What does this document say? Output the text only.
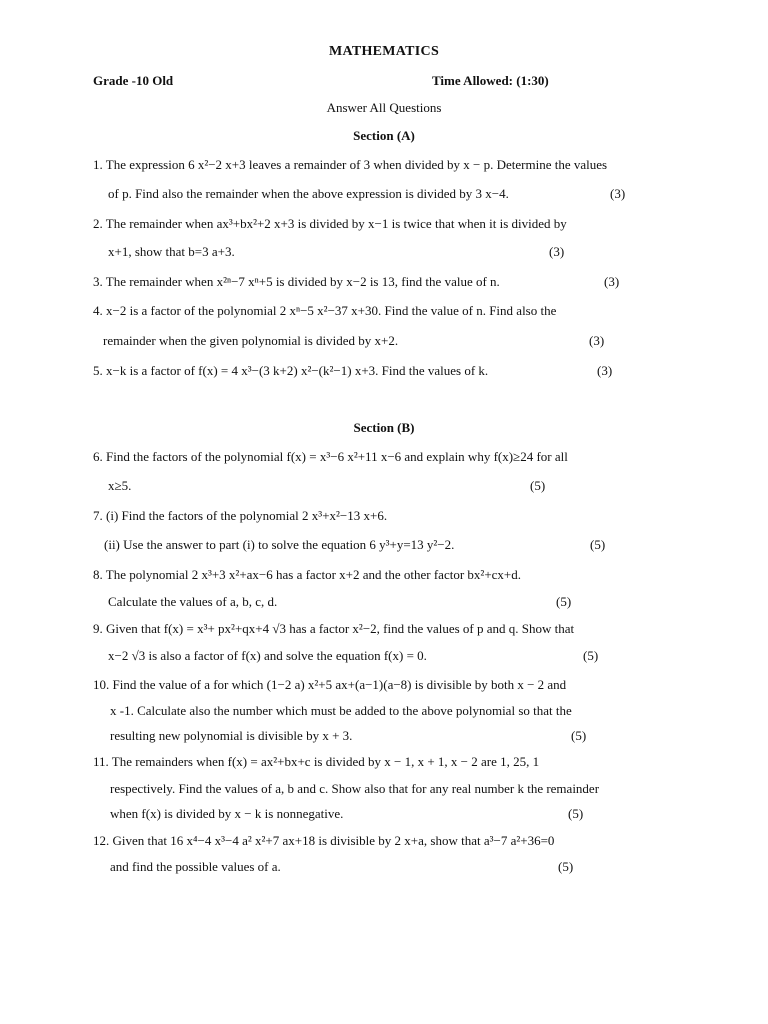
MATHEMATICS
Grade -10 Old	Time Allowed: (1:30)
Answer All Questions
Section (A)
1. The expression 6 x²−2 x+3 leaves a remainder of 3 when divided by x − p. Determine the values
of p. Find also the remainder when the above expression is divided by 3 x−4.	(3)
2. The remainder when ax³+bx²+2 x+3 is divided by x−1 is twice that when it is divided by
x+1, show that b=3 a+3.	(3)
3. The remainder when x²ⁿ−7 xⁿ+5 is divided by x−2 is 13, find the value of n.	(3)
4. x−2 is a factor of the polynomial 2 xⁿ−5 x²−37 x+30. Find the value of n. Find also the
remainder when the given polynomial is divided by x+2.	(3)
5. x−k is a factor of f(x) = 4 x³−(3 k+2) x²−(k²−1) x+3. Find the values of k.	(3)
Section (B)
6. Find the factors of the polynomial f(x) = x³−6 x²+11 x−6 and explain why f(x)≥24 for all
x≥5.	(5)
7. (i) Find the factors of the polynomial 2 x³+x²−13 x+6.
(ii) Use the answer to part (i) to solve the equation 6 y³+y=13 y²−2.	(5)
8. The polynomial 2 x³+3 x²+ax−6 has a factor x+2 and the other factor bx²+cx+d.
Calculate the values of a, b, c, d.	(5)
9. Given that f(x) = x³+ px²+qx+4 √3 has a factor x²−2, find the values of p and q. Show that
x−2 √3 is also a factor of f(x) and solve the equation f(x) = 0.	(5)
10. Find the value of a for which (1−2 a) x²+5 ax+(a−1)(a−8) is divisible by both x − 2 and
x -1. Calculate also the number which must be added to the above polynomial so that the
resulting new polynomial is divisible by x + 3.	(5)
11. The remainders when f(x) = ax²+bx+c is divided by x − 1, x + 1, x − 2 are 1, 25, 1
respectively. Find the values of a, b and c. Show also that for any real number k the remainder
when f(x) is divided by x − k is nonnegative.	(5)
12. Given that 16 x⁴−4 x³−4 a² x²+7 ax+18 is divisible by 2 x+a, show that a³−7 a²+36=0
and find the possible values of a.	(5)
